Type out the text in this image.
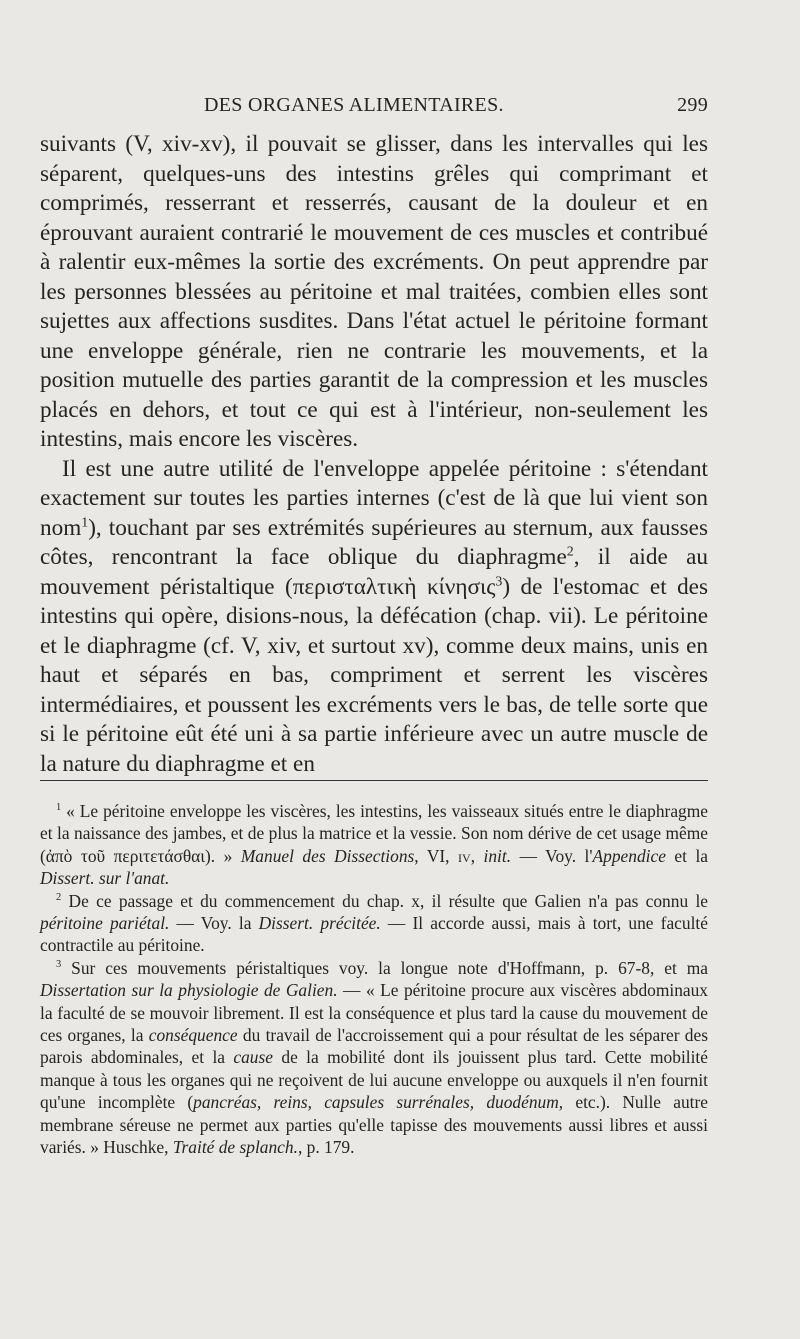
DES ORGANES ALIMENTAIRES.	299

suivants (V, xiv-xv), il pouvait se glisser, dans les intervalles qui les séparent, quelques-uns des intestins grêles qui comprimant et comprimés, resserrant et resserrés, causant de la douleur et en éprouvant auraient contrarié le mouvement de ces muscles et contribué à ralentir eux-mêmes la sortie des excréments. On peut apprendre par les personnes blessées au péritoine et mal traitées, combien elles sont sujettes aux affections susdites. Dans l'état actuel le péritoine formant une enveloppe générale, rien ne contrarie les mouvements, et la position mutuelle des parties garantit de la compression et les muscles placés en dehors, et tout ce qui est à l'intérieur, non-seulement les intestins, mais encore les viscères.

Il est une autre utilité de l'enveloppe appelée péritoine : s'étendant exactement sur toutes les parties internes (c'est de là que lui vient son nom$^1$), touchant par ses extrémités supérieures au sternum, aux fausses côtes, rencontrant la face oblique du diaphragme$^2$, il aide au mouvement péristaltique (περισταλτικὴ κίνησις$^3$) de l'estomac et des intestins qui opère, disions-nous, la défécation (chap. vii). Le péritoine et le diaphragme (cf. V, xiv, et surtout xv), comme deux mains, unis en haut et séparés en bas, compriment et serrent les viscères intermédiaires, et poussent les excréments vers le bas, de telle sorte que si le péritoine eût été uni à sa partie inférieure avec un autre muscle de la nature du diaphragme et en

$^1$ « Le péritoine enveloppe les viscères, les intestins, les vaisseaux situés entre le diaphragme et la naissance des jambes, et de plus la matrice et la vessie. Son nom dérive de cet usage même (ἀπὸ τοῦ περιτετάσθαι). » Manuel des Dissections, VI, iv, init. — Voy. l'Appendice et la Dissert. sur l'anat.

$^2$ De ce passage et du commencement du chap. x, il résulte que Galien n'a pas connu le péritoine pariétal. — Voy. la Dissert. précitée. — Il accorde aussi, mais à tort, une faculté contractile au péritoine.

$^3$ Sur ces mouvements péristaltiques voy. la longue note d'Hoffmann, p. 67-8, et ma Dissertation sur la physiologie de Galien. — « Le péritoine procure aux viscères abdominaux la faculté de se mouvoir librement. Il est la conséquence et plus tard la cause du mouvement de ces organes, la conséquence du travail de l'accroissement qui a pour résultat de les séparer des parois abdominales, et la cause de la mobilité dont ils jouissent plus tard. Cette mobilité manque à tous les organes qui ne reçoivent de lui aucune enveloppe ou auxquels il n'en fournit qu'une incomplète (pancréas, reins, capsules surrénales, duodénum, etc.). Nulle autre membrane séreuse ne permet aux parties qu'elle tapisse des mouvements aussi libres et aussi variés. » Huschke, Traité de splanch., p. 179.
